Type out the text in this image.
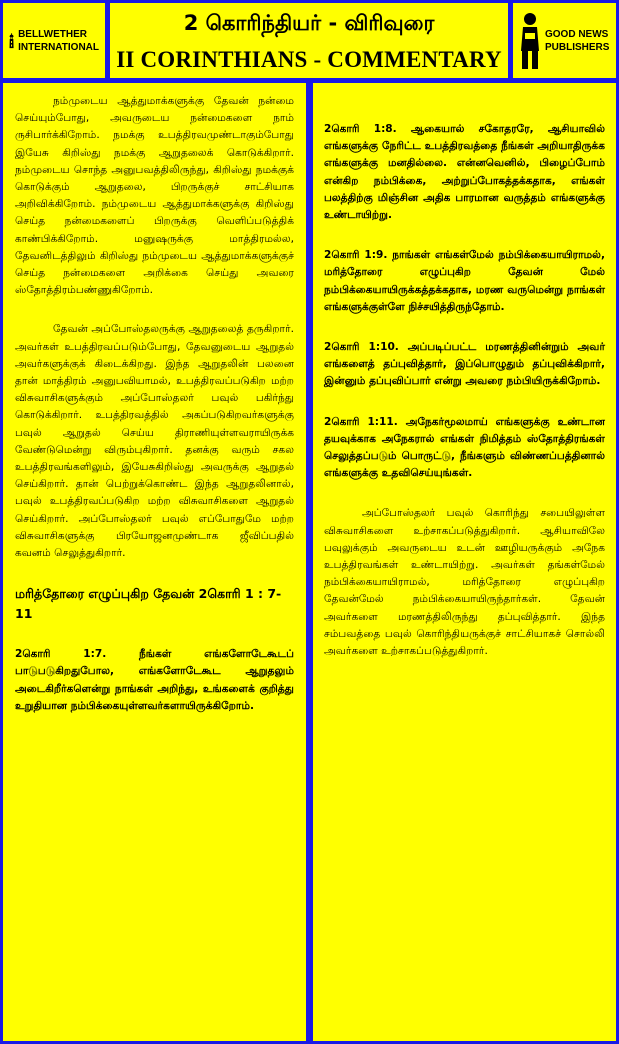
BELLWETHER
INTERNATIONAL
2 கொரிந்தியர் - விரிவுரை
II CORINTHIANS - COMMENTARY
GOOD NEWS
PUBLISHERS

நம்முடைய ஆத்துமாக்களுக்கு தேவன் நன்மை செய்யும்போது, அவருடைய நன்மைகளை நாம் ருசிபார்க்கிறோம். நமக்கு உபத்திரவமுண்டாகும்போது இயேசு கிறிஸ்து நமக்கு ஆறுதலைக் கொடுக்கிறார். நம்முடைய சொந்த அனுபவத்திலிருந்து, கிறிஸ்து நமக்குக் கொடுக்கும் ஆறுதலை, பிறருக்குச் சாட்சியாக அறிவிக்கிறோம். நம்முடைய ஆத்துமாக்களுக்கு கிறிஸ்து செய்த நன்மைகளைப் பிறருக்கு வெளிப்படுத்திக் காண்பிக்கிறோம். மனுஷருக்கு மாத்திரமல்ல, தேவனிடத்திலும் கிறிஸ்து நம்முடைய ஆத்துமாக்களுக்குச் செய்த நன்மைகளை அறிக்கை செய்து அவரை ஸ்தோத்திரம்பண்ணுகிறோம்.

தேவன் அப்போஸ்தலருக்கு ஆறுதலைத் தருகிறார். அவர்கள் உபத்திரவப்படும்போது, தேவனுடைய ஆறுதல் அவர்களுக்குக் கிடைக்கிறது. இந்த ஆறுதலின் பலனை தான் மாத்திரம் அனுபவியாமல், உபத்திரவப்படுகிற மற்ற விசுவாசிகளுக்கும் அப்போஸ்தலர் பவுல் பகிர்ந்து கொடுக்கிறார். உபத்திரவத்தில் அகப்படுகிறவர்களுக்கு பவுல் ஆறுதல் செய்ய திராணியுள்ளவராயிருக்க வேண்டுமென்று விரும்புகிறார். தனக்கு வரும் சகல உபத்திரவங்களிலும், இயேசுகிறிஸ்து அவருக்கு ஆறுதல் செய்கிறார். தான் பெற்றுக்கொண்ட இந்த ஆறுதலினால், பவுல் உபத்திரவப்படுகிற மற்ற விசுவாசிகளை ஆறுதல் செய்கிறார். அப்போஸ்தலர் பவுல் எப்போதுமே மற்ற விசுவாசிகளுக்கு பிரயோஜனமுண்டாக ஜீவிப்பதில் கவனம் செலுத்துகிறார்.

மரித்தோரை எழுப்புகிற தேவன் 2கொரி 1 : 7-11

2கொரி 1:7. நீங்கள் எங்களோடேகூடப் பாடுபடுகிறதுபோல, எங்களோடேகூட ஆறுதலும் அடைகிறீர்களென்று நாங்கள் அறிந்து, உங்களைக் குறித்து உறுதியான நம்பிக்கையுள்ளவர்களாயிருக்கிறோம்.

2கொரி 1:8. ஆகையால் சகோதரரே, ஆசியாவில் எங்களுக்கு நேரிட்ட உபத்திரவத்தை நீங்கள் அறியாதிருக்க எங்களுக்கு மனதில்லை. என்னவெனில், பிழைப்போம் என்கிற நம்பிக்கை, அற்றுப்போகத்தக்கதாக, எங்கள் பலத்திற்கு மிஞ்சின அதிக பாரமான வருத்தம் எங்களுக்கு உண்டாயிற்று.

2கொரி 1:9. நாங்கள் எங்கள்மேல் நம்பிக்கையாயிராமல், மரித்தோரை எழுப்புகிற தேவன் மேல் நம்பிக்கையாயிருக்கத்தக்கதாக, மரண வருமென்று நாங்கள் எங்களுக்குள்ளே நிச்சயித்திருந்தோம்.

2கொரி 1:10. அப்படிப்பட்ட மரணத்தினின்றும் அவர் எங்களைத் தப்புவித்தார், இப்பொழுதும் தப்புவிக்கிறார், இன்னும் தப்புவிப்பார் என்று அவரை நம்பியிருக்கிறோம்.

2கொரி 1:11. அநேகர்மூலமாய் எங்களுக்கு உண்டான தயவுக்காக அநேகரால் எங்கள் நிமித்தம் ஸ்தோத்திரங்கள் செலுத்தப்படும் பொருட்டு, நீங்களும் விண்ணப்பத்தினால் எங்களுக்கு உதவிசெய்யுங்கள்.

அப்போஸ்தலர் பவுல் கொரிந்து சபையிலுள்ள விசுவாசிகளை உற்சாகப்படுத்துகிறார். ஆசியாவிலே பவுலுக்கும் அவருடைய உடன் ஊழியருக்கும் அநேக உபத்திரவங்கள் உண்டாயிற்று. அவர்கள் தங்கள்மேல் நம்பிக்கையாயிராமல், மரித்தோரை எழுப்புகிற தேவன்மேல் நம்பிக்கையாயிருந்தார்கள். தேவன் அவர்களை மரணத்திலிருந்து தப்புவித்தார். இந்த சம்பவத்தை பவுல் கொரிந்தியருக்குச் சாட்சியாகச் சொல்லி அவர்களை உற்சாகப்படுத்துகிறார்.
